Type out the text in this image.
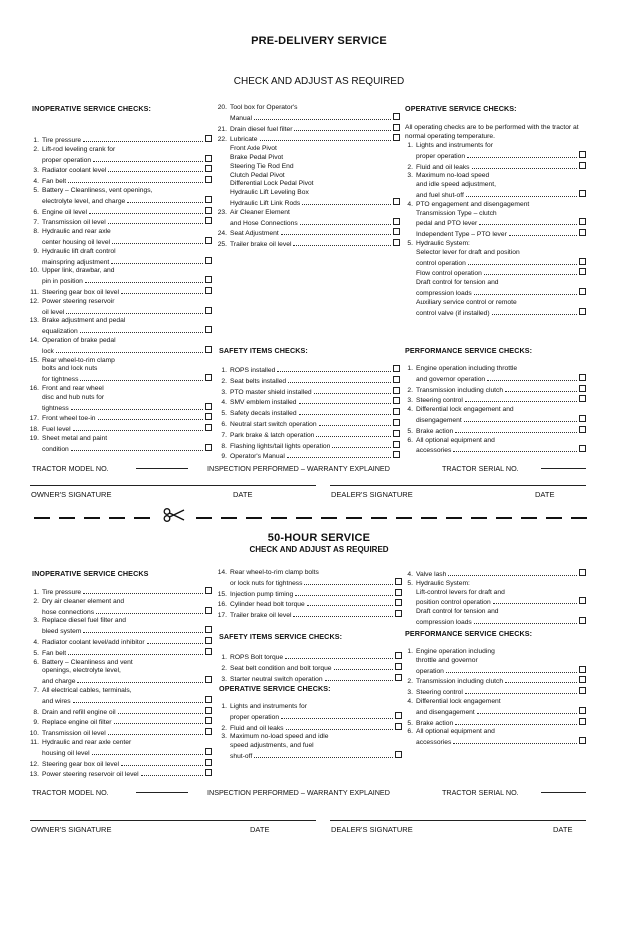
PRE-DELIVERY SERVICE
CHECK AND ADJUST AS REQUIRED
INOPERATIVE SERVICE CHECKS:
1. Tire pressure
2. Lift-rod leveling crank for
proper operation
3. Radiator coolant level
4. Fan belt
5. Battery – Cleanliness, vent openings,
electrolyte level, and charge
6. Engine oil level
7. Transmission oil level
8. Hydraulic and rear axle
center housing oil level
9. Hydraulic lift draft control
mainspring adjustment
10. Upper link, drawbar, and
pin in position
11. Steering gear box oil level
12. Power steering reservoir
oil level
13. Brake adjustment and pedal
equalization
14. Operation of brake pedal
lock
15. Rear wheel-to-rim clamp
bolts and lock nuts
for tightness
16. Front and rear wheel
disc and hub nuts for
tightness
17. Front wheel toe-in
18. Fuel level
19. Sheet metal and paint
condition
20. Tool box for Operator's
Manual
21. Drain diesel fuel filter
22. Lubricate
Front Axle Pivot
Brake Pedal Pivot
Steering Tie Rod End
Clutch Pedal Pivot
Differential Lock Pedal Pivot
Hydraulic Lift Leveling Box
Hydraulic Lift Link Rods
23. Air Cleaner Element
and Hose Connections
24. Seat Adjustment
25. Trailer brake oil level
SAFETY ITEMS CHECKS:
1. ROPS installed
2. Seat belts installed
3. PTO master shield installed
4. SMV emblem installed
5. Safety decals installed
6. Neutral start switch operation
7. Park brake & latch operation
8. Flashing lights/tail lights operation
9. Operator's Manual
OPERATIVE SERVICE CHECKS:
All operating checks are to be performed with the tractor at normal operating temperature.
1. Lights and instruments for
proper operation
2. Fluid and oil leaks
3. Maximum no-load speed
and idle speed adjustment,
and fuel shut-off
4. PTO engagement and disengagement
Transmission Type – clutch
pedal and PTO lever
Independent Type – PTO lever
5. Hydraulic System:
Selector lever for draft and position
control operation
Flow control operation
Draft control for tension and
compression loads
Auxiliary service control or remote
control valve (if installed)
PERFORMANCE SERVICE CHECKS:
1. Engine operation including throttle
and governor operation
2. Transmission including clutch
3. Steering control
4. Differential lock engagement and
disengagement
5. Brake action
6. All optional equipment and
accessories
TRACTOR MODEL NO.	INSPECTION PERFORMED – WARRANTY EXPLAINED	TRACTOR SERIAL NO.
OWNER'S SIGNATURE	DATE	DEALER'S SIGNATURE	DATE

50-HOUR SERVICE
CHECK AND ADJUST AS REQUIRED
INOPERATIVE SERVICE CHECKS
1. Tire pressure
2. Dry air cleaner element and
hose connections
3. Replace diesel fuel filter and
bleed system
4. Radiator coolant level/add inhibitor
5. Fan belt
6. Battery – Cleanliness and vent
openings, electrolyte level,
and charge
7. All electrical cables, terminals,
and wires
8. Drain and refill engine oil
9. Replace engine oil filter
10. Transmission oil level
11. Hydraulic and rear axle center
housing oil level
12. Steering gear box oil level
13. Power steering reservoir oil level
14. Rear wheel-to-rim clamp bolts
or lock nuts for tightness
15. Injection pump timing
16. Cylinder head bolt torque
17. Trailer brake oil level
SAFETY ITEMS SERVICE CHECKS:
1. ROPS Bolt torque
2. Seat belt condition and bolt torque
3. Starter neutral switch operation
OPERATIVE SERVICE CHECKS:
1. Lights and instruments for
proper operation
2. Fluid and oil leaks
3. Maximum no-load speed and idle
speed adjustments, and fuel
shut-off
4. Valve lash
5. Hydraulic System:
Lift-control levers for draft and
position control operation
Draft control for tension and
compression loads
PERFORMANCE SERVICE CHECKS:
1. Engine operation including
throttle and governor
operation
2. Transmission including clutch
3. Steering control
4. Differential lock engagement
and disengagement
5. Brake action
6. All optional equipment and
accessories
TRACTOR MODEL NO.	INSPECTION PERFORMED – WARRANTY EXPLAINED	TRACTOR SERIAL NO.
OWNER'S SIGNATURE	DATE	DEALER'S SIGNATURE	DATE
